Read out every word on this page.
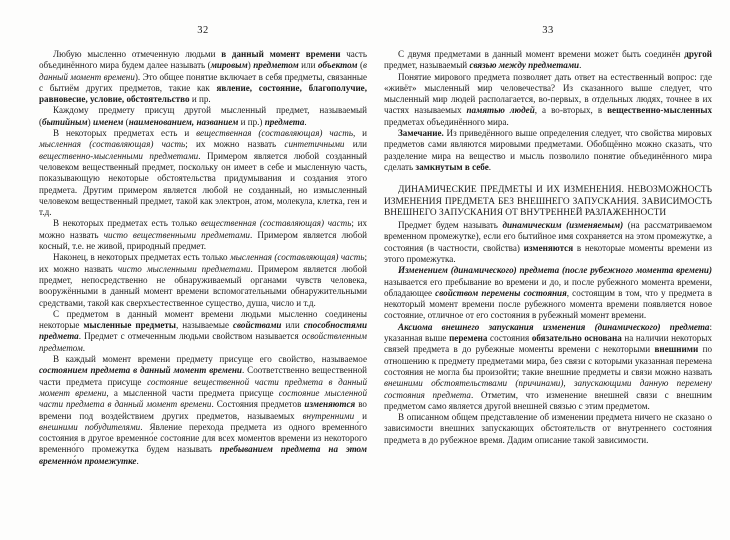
32
Любую мысленно отмеченную людьми в данный момент времени часть объединённого мира будем далее называть (мировым) предметом или объектом (в данный момент времени). Это общее понятие включает в себя предметы, связанные с бытиём других предметов, такие как явление, состояние, благополучие, равновесие, условие, обстоятельство и пр.
Каждому предмету присущ другой мысленный предмет, называемый (бытийным) именем (наименованием, названием и пр.) предмета.
В некоторых предметах есть и вещественная (составляющая) часть, и мысленная (составляющая) часть; их можно назвать синтетичными или вещественно-мысленными предметами. Примером является любой созданный человеком вещественный предмет, поскольку он имеет в себе и мысленную часть, показывающую некоторые обстоятельства придумывания и создания этого предмета. Другим примером является любой не созданный, но измысленный человеком вещественный предмет, такой как электрон, атом, молекула, клетка, ген и т.д.
В некоторых предметах есть только вещественная (составляющая) часть; их можно назвать чисто вещественными предметами. Примером является любой косный, т.е. не живой, природный предмет.
Наконец, в некоторых предметах есть только мысленная (составляющая) часть; их можно назвать чисто мысленными предметами. Примером является любой предмет, непосредственно не обнаруживаемый органами чувств человека, вооружёнными в данный момент времени вспомогательными обнаружительными средствами, такой как сверхъестественное существо, душа, число и т.д.
С предметом в данный момент времени людьми мысленно соединены некоторые мысленные предметы, называемые свойствами или способностями предмета. Предмет с отмеченным людьми свойством называется освойствленным предметом.
В каждый момент времени предмету присуще его свойство, называемое состоянием предмета в данный момент времени. Соответственно вещественной части предмета присуще состояние вещественной части предмета в данный момент времени, а мысленной части предмета присуще состояние мысленной части предмета в данный момент времени. Состояния предметов изменяются во времени под воздействием других предметов, называемых внутренними и внешними побудителями. Явление перехода предмета из одного временно́го состояния в другое временно́е состояние для всех моментов времени из некоторого временно́го промежутка будем называть пребыванием предмета на этом временно́м промежутке.
33
С двумя предметами в данный момент времени может быть соединён другой предмет, называемый связью между предметами.
Понятие мирового предмета позволяет дать ответ на естественный вопрос: где «живёт» мысленный мир человечества? Из сказанного выше следует, что мысленный мир людей располагается, во-первых, в отдельных людях, точнее в их частях называемых памятью людей, а во-вторых, в вещественно-мысленных предметах объединённого мира.
Замечание. Из приведённого выше определения следует, что свойства мировых предметов сами являются мировыми предметами. Обобщённо можно сказать, что разделение мира на вещество и мысль позволило понятие объединённого мира сделать замкнутым в себе.
ДИНАМИЧЕСКИЕ ПРЕДМЕТЫ И ИХ ИЗМЕНЕНИЯ. НЕВОЗМОЖНОСТЬ ИЗМЕНЕНИЯ ПРЕДМЕТА БЕЗ ВНЕШНЕГО ЗАПУСКАНИЯ. ЗАВИСИМОСТЬ ВНЕШНЕГО ЗАПУСКАНИЯ ОТ ВНУТРЕННЕЙ РАЗЛАЖЕННОСТИ
Предмет будем называть динамическим (изменяемым) (на рассматриваемом временном промежутке), если его бытийное имя сохраняется на этом промежутке, а состояния (в частности, свойства) изменяются в некоторые моменты времени из этого промежутка.
Изменением (динамического) предмета (после рубежного момента времени) называется его пребывание во времени и до, и после рубежного момента времени, обладающее свойством перемены состояния, состоящим в том, что у предмета в некоторый момент времени после рубежного момента времени появляется новое состояние, отличное от его состояния в рубежный момент времени.
Аксиома внешнего запускания изменения (динамического) предмета: указанная выше перемена состояния обязательно основана на наличии некоторых связей предмета в до рубежные моменты времени с некоторыми внешними по отношению к предмету предметами мира, без связи с которыми указанная перемена состояния не могла бы произойти; такие внешние предметы и связи можно назвать внешними обстоятельствами (причинами), запускающими данную перемену состояния предмета. Отметим, что изменение внешней связи с внешним предметом само является другой внешней связью с этим предметом.
В описанном общем представление об изменении предмета ничего не сказано о зависимости внешних запускающих обстоятельств от внутреннего состояния предмета в до рубежное время. Дадим описание такой зависимости.
